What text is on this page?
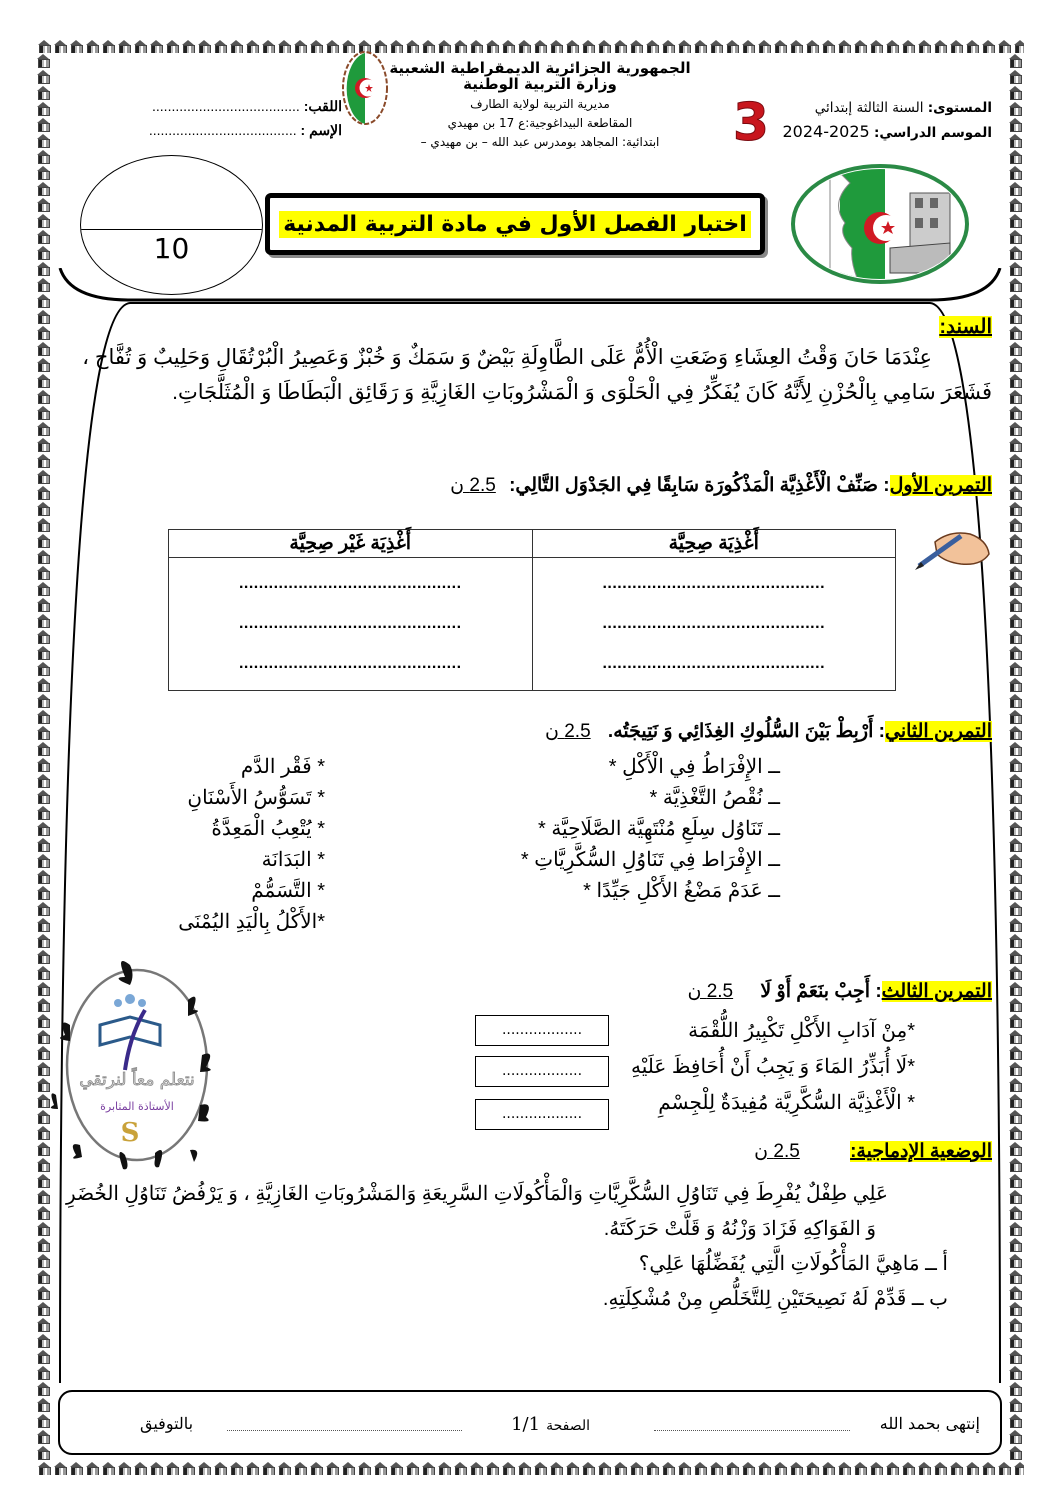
الجمهورية الجزائرية الديمقراطية الشعبية
وزارة التربية الوطنية
مديرية التربية لولاية الطارف
المقاطعة البيداغوجية:ع 17 بن مهيدي
ابتدائية: المجاهد بومدرس عبد الله – بن مهيدي –
اللقب: ......................................
الإسم : ......................................	3	المستوى: السنة الثالثة إبتدائي
الموسم الدراسي: 2025-2024
10
اختبار الفصل الأول في مادة التربية المدنية
السند:
عِنْدَمَا حَانَ وَقْتُ العِشَاءِ وَضَعَتِ الْأُمُّ عَلَى الطَّاوِلَةِ بَيْضٌ وَ سَمَكٌ وَ خُبْزٌ وَعَصِيرُ الْبُرْتُقَالِ وَحَلِيبٌ وَ تُفَّاح ، فَشَعَرَ سَامِي بِالْحُزْنِ لِأَنَّهُ كَانَ يُفَكِّرُ فِي الْحَلْوَى وَ الْمَشْرُوبَاتِ الغَازِيَّةِ وَ رَقَائِق الْبَطَاطَا وَ الْمُثَلَّجَاتِ.
التمرين الأول: صَنِّفْ الْأَغْذِيَّة الْمَذْكُورَة سَابِقًا فِي الجَدْوَل التَّالِي: 2.5 ن
أَغْذِيَة صِحِيَّة	أَغْذِيَة غَيْر صِحِيَّة

.............................................
.............................................
.............................................

.............................................
.............................................
.............................................
التمرين الثاني: أَرْبِطْ بَيْنَ السُّلُوكِ الغِذَائِي وَ نَتِيجَتُه. 2.5 ن
ــ الإِفْرَاطُ فِي الْأَكْلِ *
ــ نُقْصُ التَّغْذِيَّة *
ــ تَنَاوُل سِلَعِ مُنْتَهِيَّة الصَّلَاحِيَّة *
ــ الإِفْرَاط فِي تَنَاوُلِ السُّكَّرِيَّاتِ *
ــ عَدَمْ مَضْغُ الأَكْلِ جَيِّدًا *
* فَقْر الدَّم
* تَسَوُّسُ الأَسْنَانِ
* يُتْعِبُ الْمَعِدَّةُ
* البَدَانَة
* التَّسَمُّمْ
*الأَكْلُ بِالْيَدِ اليُمْنَى
التمرين الثالث: أَجِبْ بنَعَمْ أَوْ لَا 2.5 ن
*مِنْ آدَابِ الأَكْلِ تَكْبِيرُ اللُّقْمَة
*لَا أُبَذِّرُ المَاءَ وَ يَجِبُ أَنْ أُحَافِظَ عَلَيْهِ
* الْأَغْذِيَّة السُّكَّرِيَّة مُفِيدَةٌ لِلْجِسْمِ
..................
..................
..................
نتعلم معاً لنرتقي
الأستاذة المثابرة
S
الوضعية الإدماجية: 2.5 ن
عَلِي طِفْلٌ يُفْرِطَ فِي تَنَاوُلِ السُّكَّرِيَّاتِ وَالْمَأْكُولَاتِ السَّرِيعَةِ وَالمَشْرُوبَاتِ الغَازِيَّةِ ، وَ يَرْفُضُ تَنَاوُلِ الخُضَرِ وَ الفَوَاكِهِ فَزَادَ وَزْنُهُ وَ قَلَّتْ حَرَكَتَهُ.
أ ــ مَاهِيَّ المَأْكُولَاتِ الَّتِي يُفَضِّلُهَا عَلِي؟
ب ــ قَدِّمْ لَهُ نَصِيحَتَيْنِ لِلتَّخَلُّصِ مِنْ مُشْكِلَتِهِ.
إنتهى بحمد الله
الصفحة
1/1
بالتوفيق
